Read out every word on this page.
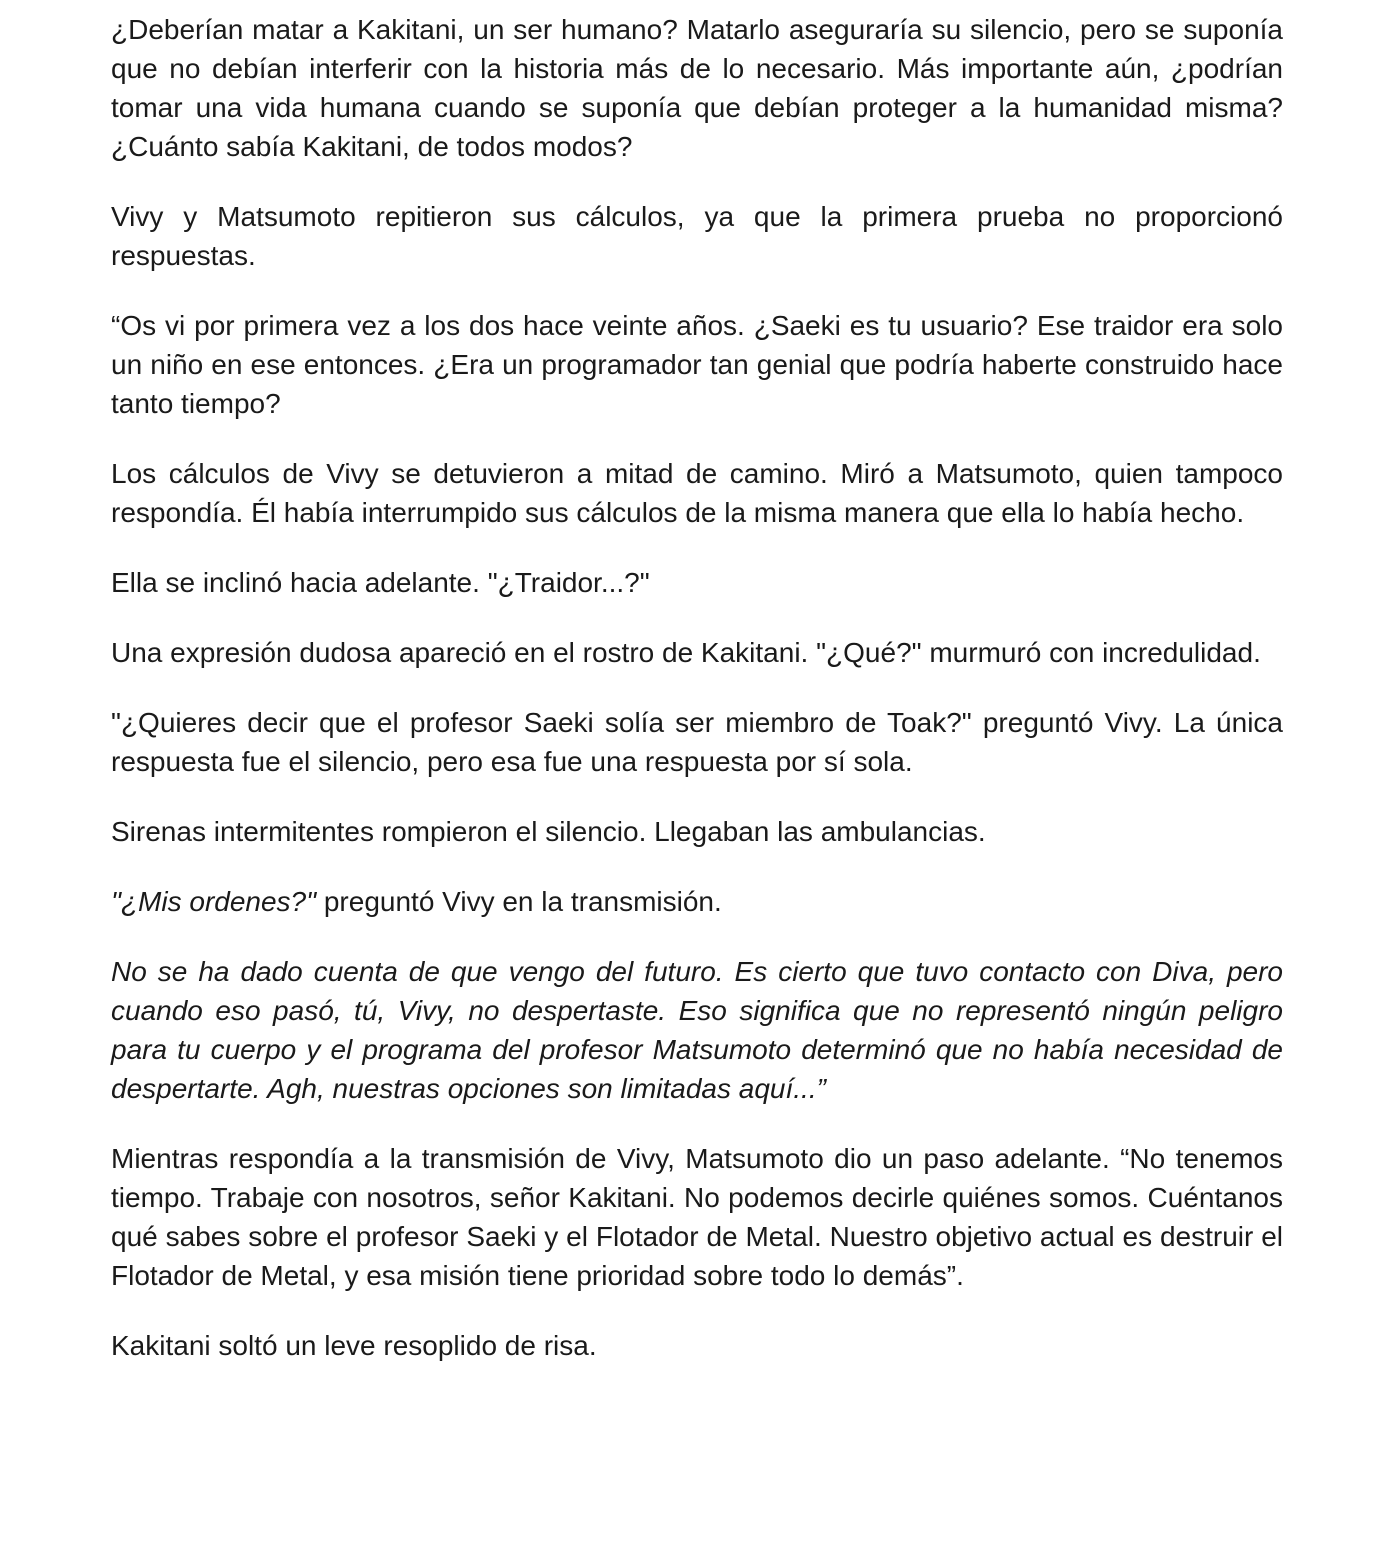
¿Deberían matar a Kakitani, un ser humano? Matarlo aseguraría su silencio, pero se suponía que no debían interferir con la historia más de lo necesario. Más importante aún, ¿podrían tomar una vida humana cuando se suponía que debían proteger a la humanidad misma? ¿Cuánto sabía Kakitani, de todos modos?

Vivy y Matsumoto repitieron sus cálculos, ya que la primera prueba no proporcionó respuestas.

“Os vi por primera vez a los dos hace veinte años. ¿Saeki es tu usuario? Ese traidor era solo un niño en ese entonces. ¿Era un programador tan genial que podría haberte construido hace tanto tiempo?

Los cálculos de Vivy se detuvieron a mitad de camino. Miró a Matsumoto, quien tampoco respondía. Él había interrumpido sus cálculos de la misma manera que ella lo había hecho.

Ella se inclinó hacia adelante. "¿Traidor...?"

Una expresión dudosa apareció en el rostro de Kakitani. "¿Qué?" murmuró con incredulidad.

"¿Quieres decir que el profesor Saeki solía ser miembro de Toak?" preguntó Vivy. La única respuesta fue el silencio, pero esa fue una respuesta por sí sola.

Sirenas intermitentes rompieron el silencio. Llegaban las ambulancias.

"¿Mis ordenes?" preguntó Vivy en la transmisión.

No se ha dado cuenta de que vengo del futuro. Es cierto que tuvo contacto con Diva, pero cuando eso pasó, tú, Vivy, no despertaste. Eso significa que no representó ningún peligro para tu cuerpo y el programa del profesor Matsumoto determinó que no había necesidad de despertarte. Agh, nuestras opciones son limitadas aquí...”

Mientras respondía a la transmisión de Vivy, Matsumoto dio un paso adelante. “No tenemos tiempo. Trabaje con nosotros, señor Kakitani. No podemos decirle quiénes somos. Cuéntanos qué sabes sobre el profesor Saeki y el Flotador de Metal. Nuestro objetivo actual es destruir el Flotador de Metal, y esa misión tiene prioridad sobre todo lo demás”.

Kakitani soltó un leve resoplido de risa.
